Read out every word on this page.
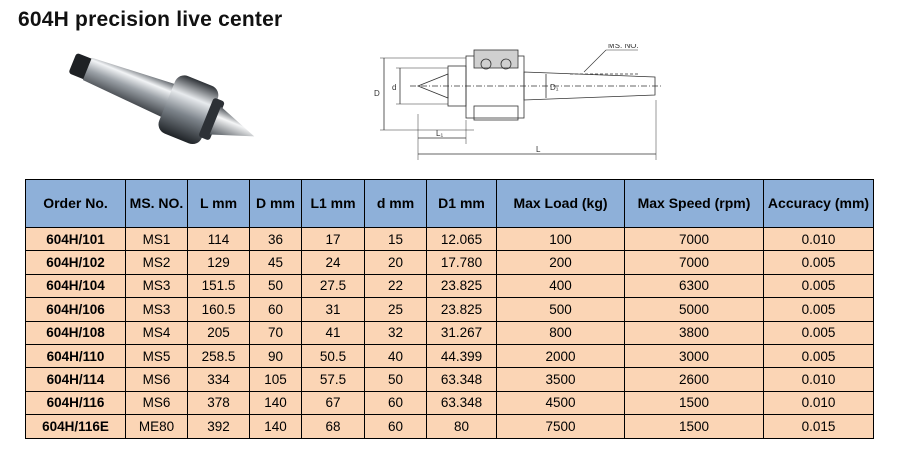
604H precision live center
MS. NO.
D
d	D₁
L₁
L
Order No.	MS. NO.	L mm	D mm	L1 mm	d mm	D1 mm	Max Load (kg)	Max Speed (rpm)	Accuracy (mm)
604H/101	MS1	114	36	17	15	12.065	100	7000	0.010
604H/102	MS2	129	45	24	20	17.780	200	7000	0.005
604H/104	MS3	151.5	50	27.5	22	23.825	400	6300	0.005
604H/106	MS3	160.5	60	31	25	23.825	500	5000	0.005
604H/108	MS4	205	70	41	32	31.267	800	3800	0.005
604H/110	MS5	258.5	90	50.5	40	44.399	2000	3000	0.005
604H/114	MS6	334	105	57.5	50	63.348	3500	2600	0.010
604H/116	MS6	378	140	67	60	63.348	4500	1500	0.010
604H/116E	ME80	392	140	68	60	80	7500	1500	0.015
